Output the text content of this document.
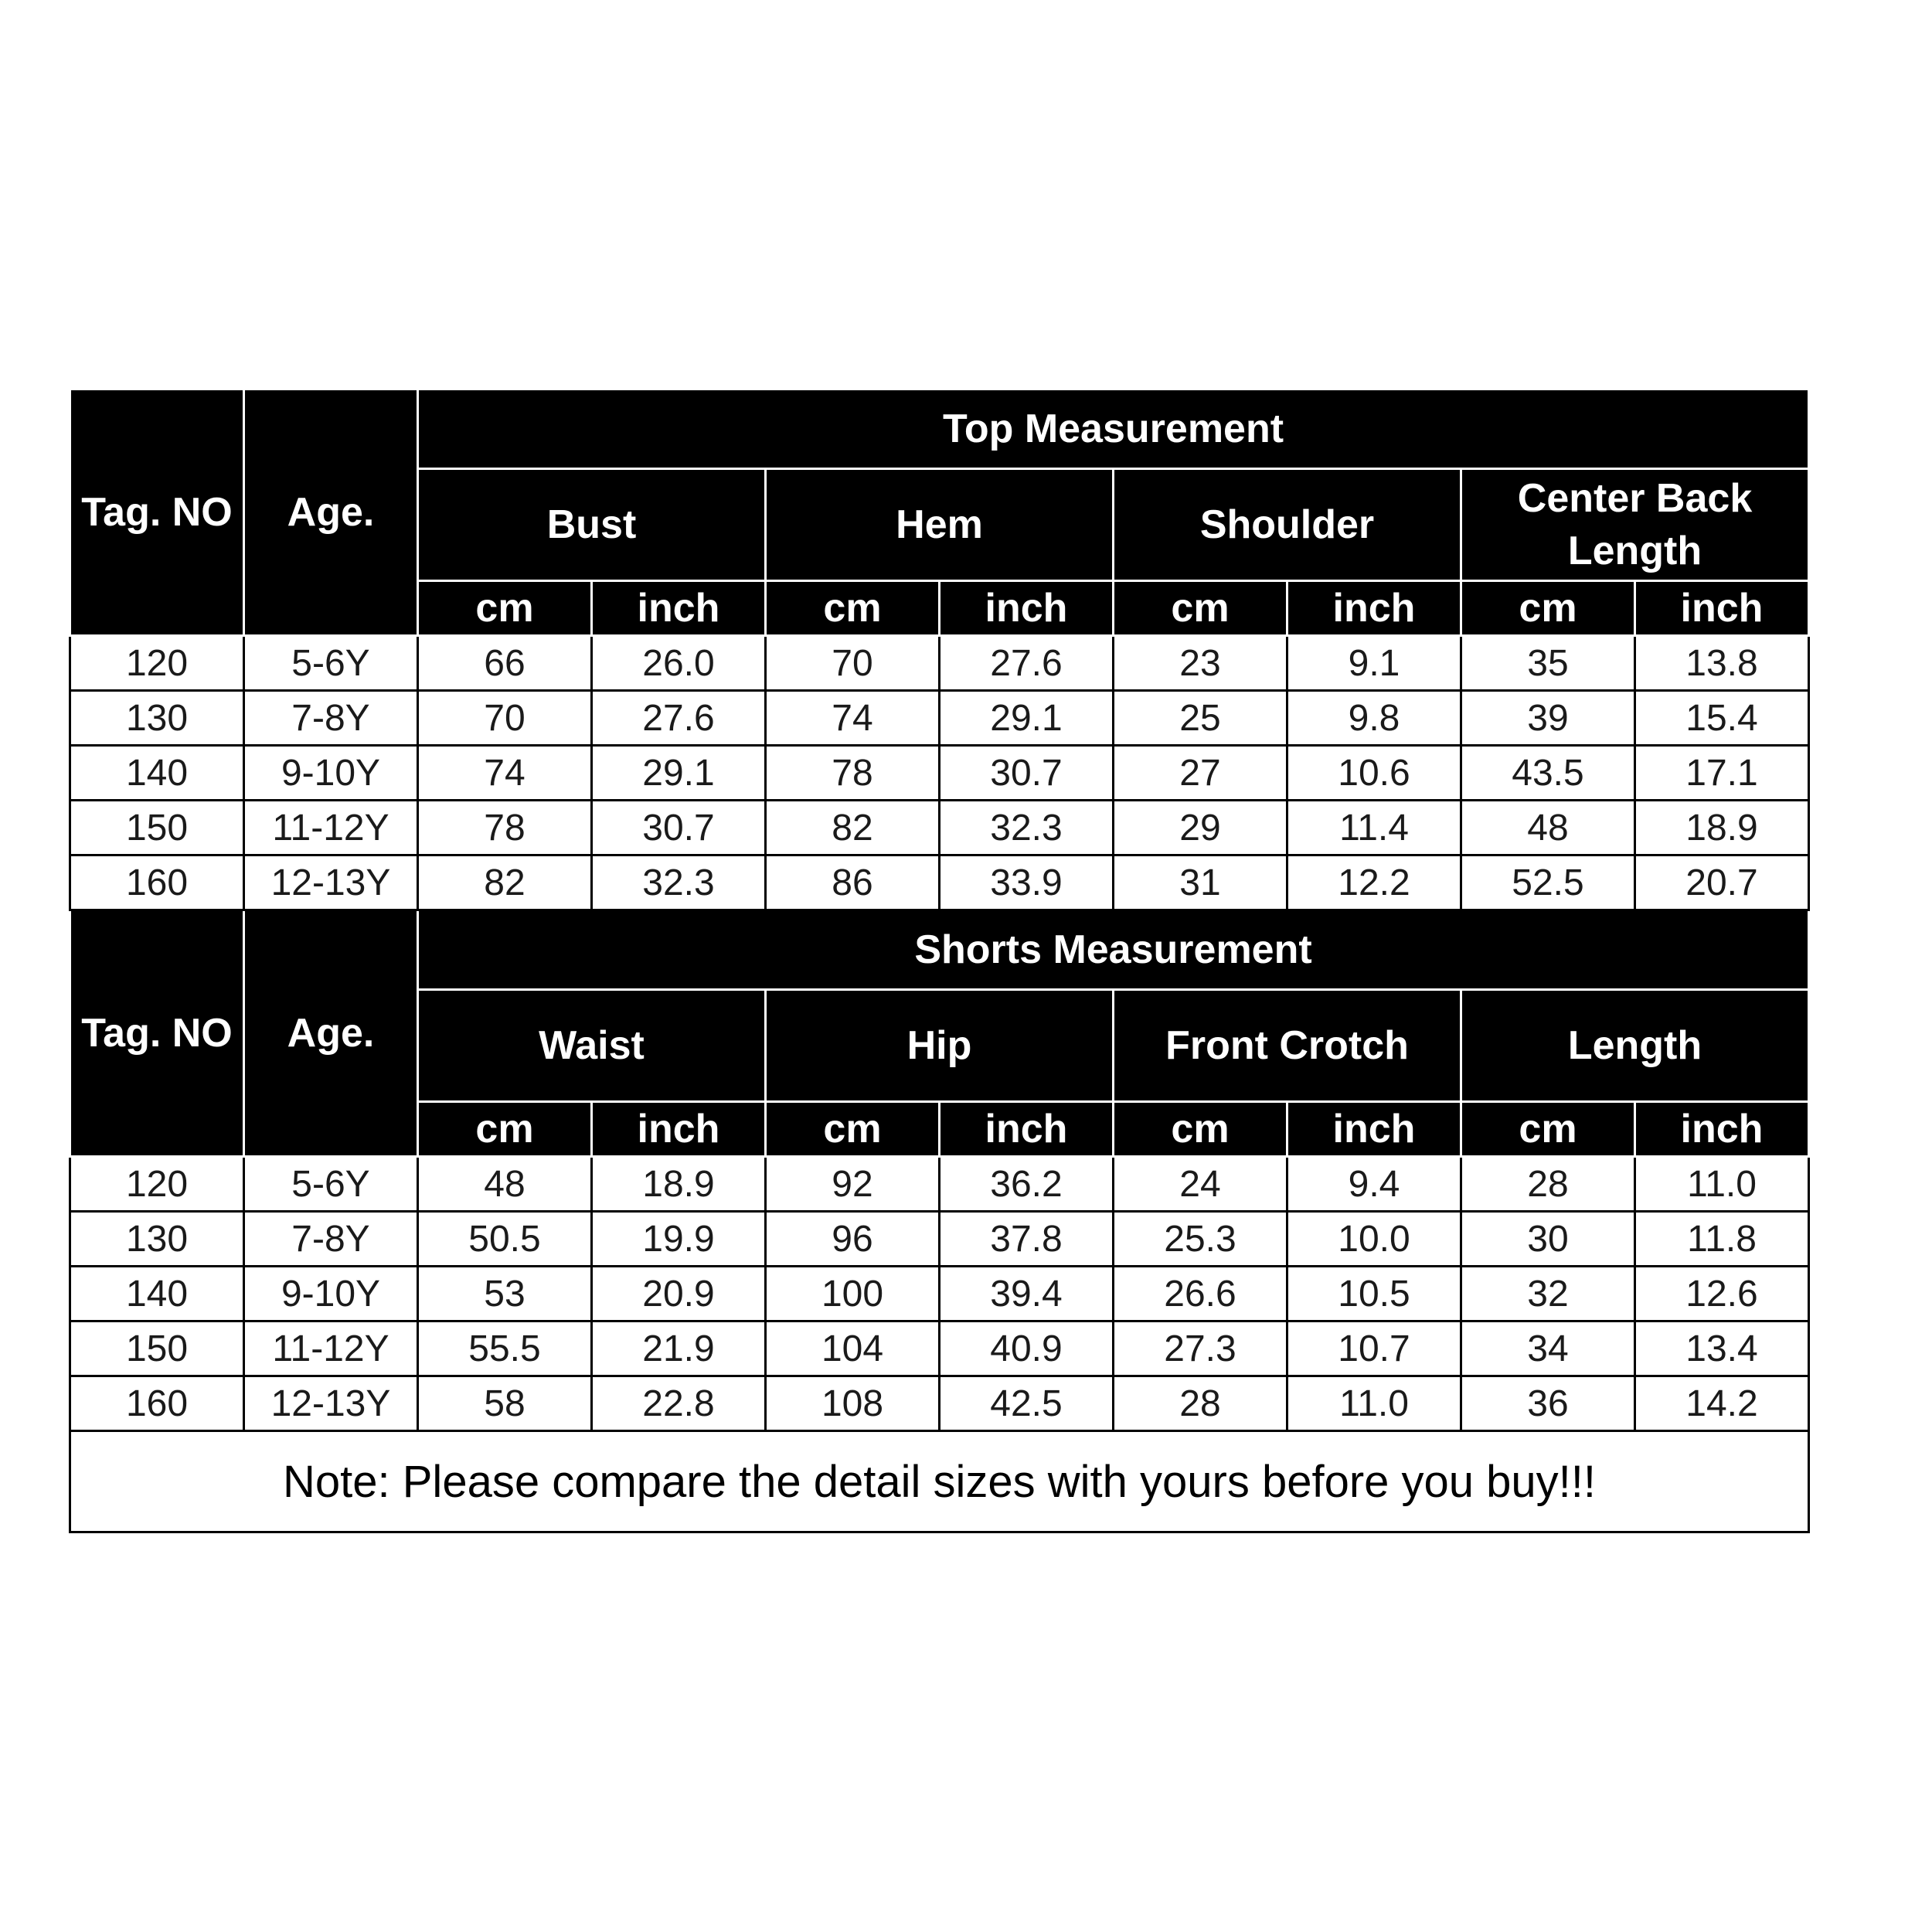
Tag. NO	Age.	Top Measurement							
		Bust		Hem		Shoulder		Center Back Length	
		cm	inch	cm	inch	cm	inch	cm	inch
120	5-6Y	66	26.0	70	27.6	23	9.1	35	13.8
130	7-8Y	70	27.6	74	29.1	25	9.8	39	15.4
140	9-10Y	74	29.1	78	30.7	27	10.6	43.5	17.1
150	11-12Y	78	30.7	82	32.3	29	11.4	48	18.9
160	12-13Y	82	32.3	86	33.9	31	12.2	52.5	20.7
Tag. NO	Age.	Shorts Measurement							
		Waist		Hip		Front Crotch		Length	
		cm	inch	cm	inch	cm	inch	cm	inch
120	5-6Y	48	18.9	92	36.2	24	9.4	28	11.0
130	7-8Y	50.5	19.9	96	37.8	25.3	10.0	30	11.8
140	9-10Y	53	20.9	100	39.4	26.6	10.5	32	12.6
150	11-12Y	55.5	21.9	104	40.9	27.3	10.7	34	13.4
160	12-13Y	58	22.8	108	42.5	28	11.0	36	14.2
Note: Please compare the detail sizes with yours before you buy!!!									
